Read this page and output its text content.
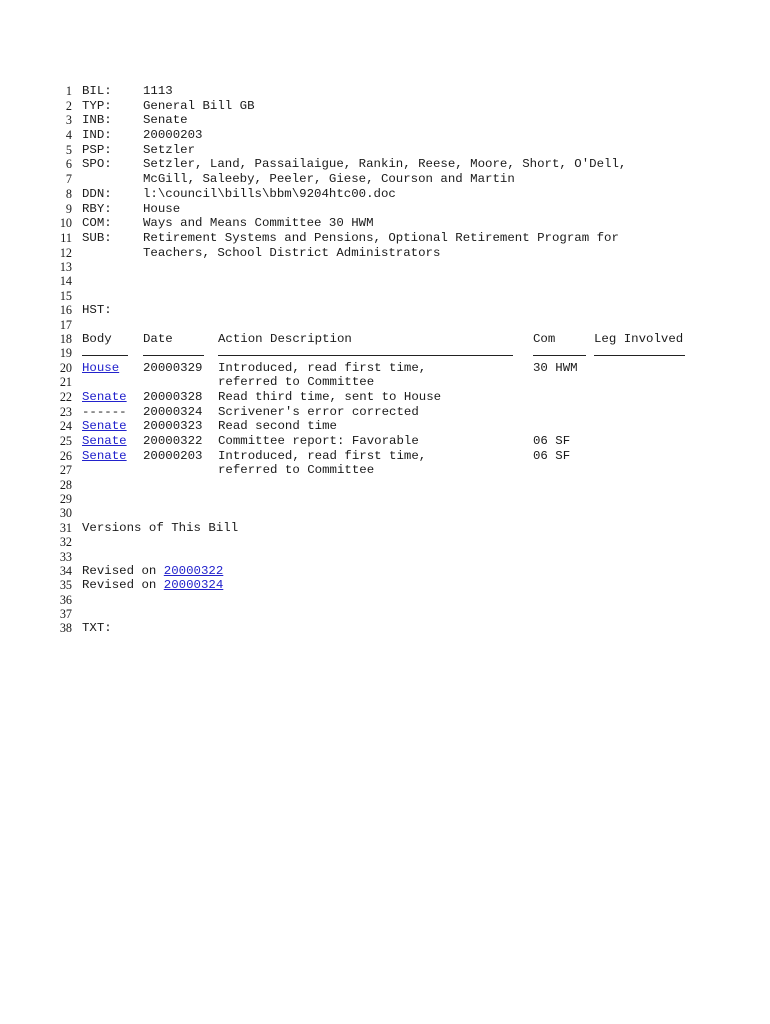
1 BIL:	1113
2 TYP:	General Bill GB
3 INB:	Senate
4 IND:	20000203
5 PSP:	Setzler
6 SPO:	Setzler, Land, Passailaigue, Rankin, Reese, Moore, Short, O'Dell,
7	McGill, Saleeby, Peeler, Giese, Courson and Martin
8 DDN:	l:\council\bills\bbm\9204htc00.doc
9 RBY:	House
10 COM:	Ways and Means Committee 30 HWM
11 SUB:	Retirement Systems and Pensions, Optional Retirement Program for
12	Teachers, School District Administrators
13
14
15
16 HST:
17
18 Body	Date	Action Description	Com	Leg Involved
19
20 House 20000329 Introduced, read first time,	30 HWM
21	referred to Committee
22 Senate 20000328 Read third time, sent to House
23 ------ 20000324 Scrivener's error corrected
24 Senate 20000323 Read second time
25 Senate 20000322 Committee report: Favorable	06 SF
26 Senate 20000203 Introduced, read first time,	06 SF
27	referred to Committee
28
29
30
31 Versions of This Bill
32
33
34 Revised on 20000322
35 Revised on 20000324
36
37
38 TXT:
